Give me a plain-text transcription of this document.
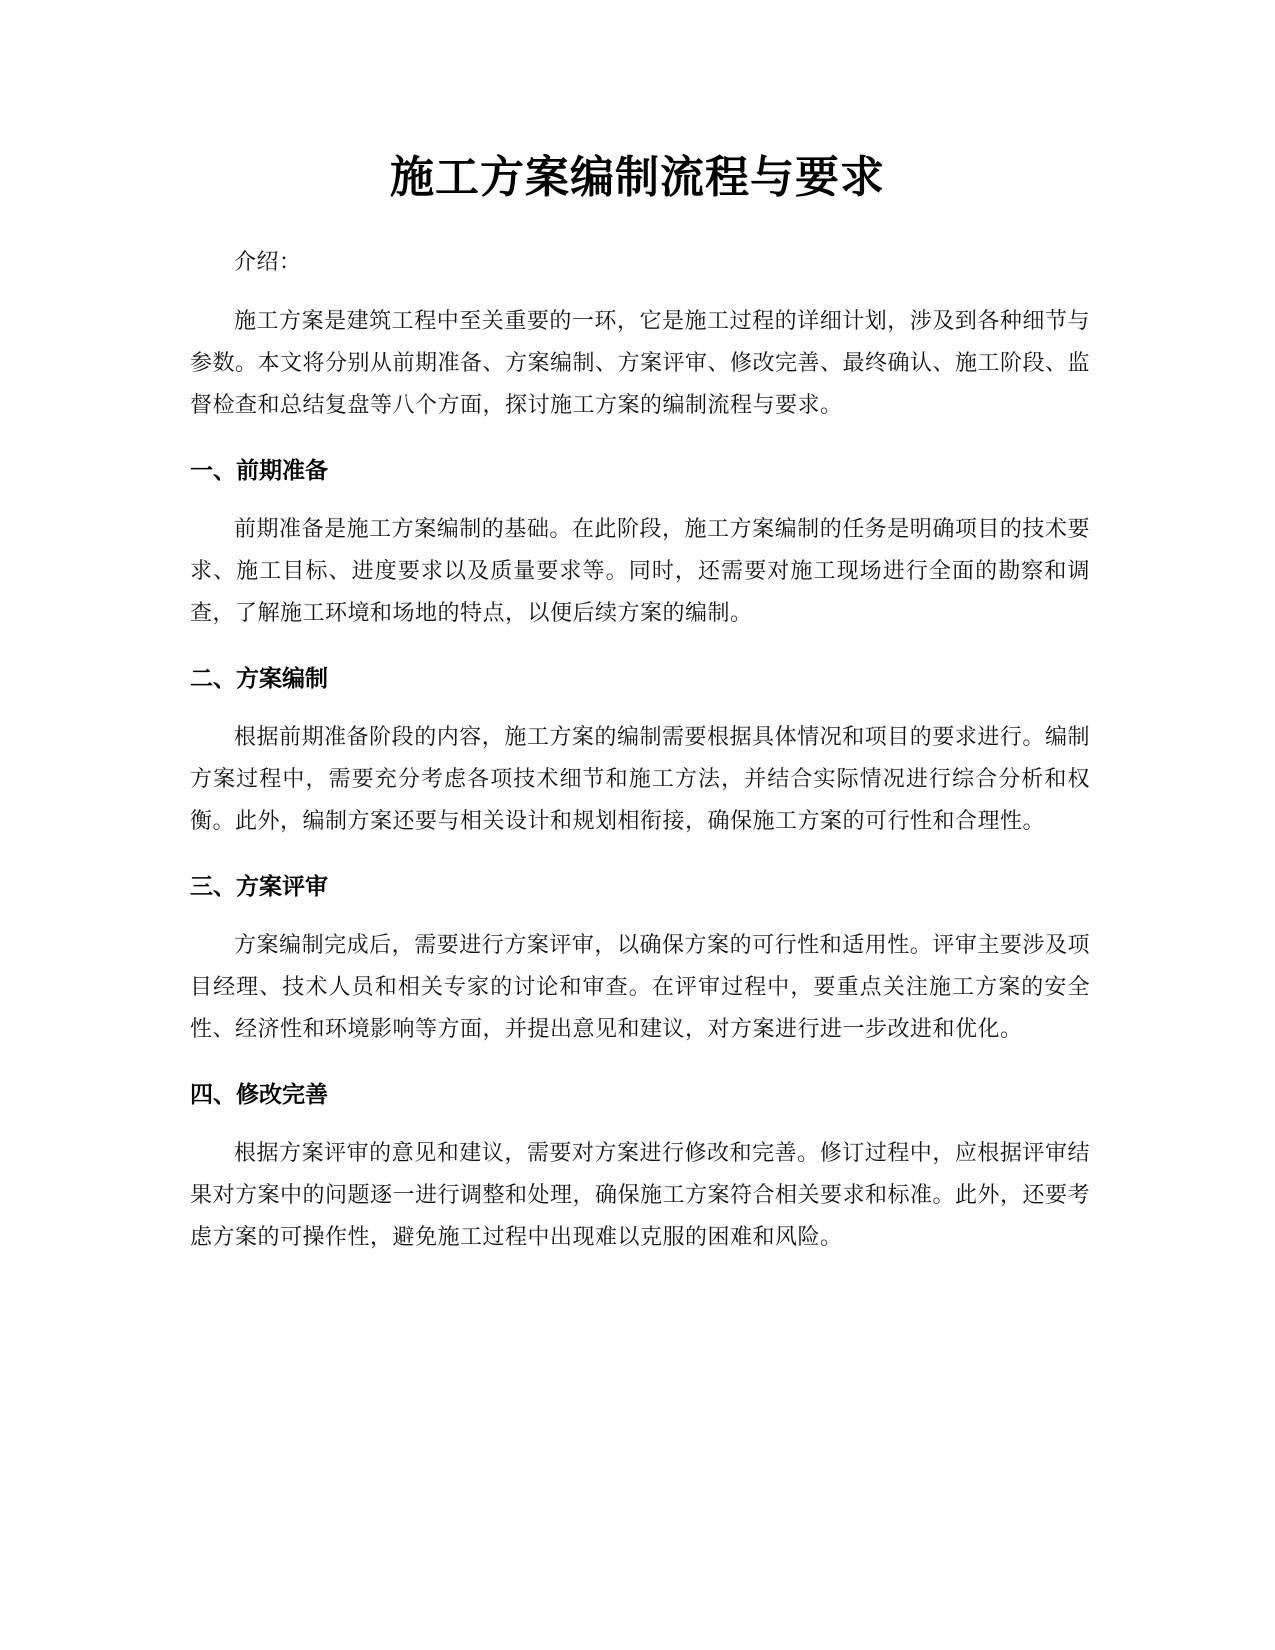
施工方案编制流程与要求

介绍：

施工方案是建筑工程中至关重要的一环，它是施工过程的详细计划，涉及到各种细节与参数。本文将分别从前期准备、方案编制、方案评审、修改完善、最终确认、施工阶段、监督检查和总结复盘等八个方面，探讨施工方案的编制流程与要求。

一、前期准备

前期准备是施工方案编制的基础。在此阶段，施工方案编制的任务是明确项目的技术要求、施工目标、进度要求以及质量要求等。同时，还需要对施工现场进行全面的勘察和调查，了解施工环境和场地的特点，以便后续方案的编制。

二、方案编制

根据前期准备阶段的内容，施工方案的编制需要根据具体情况和项目的要求进行。编制方案过程中，需要充分考虑各项技术细节和施工方法，并结合实际情况进行综合分析和权衡。此外，编制方案还要与相关设计和规划相衔接，确保施工方案的可行性和合理性。

三、方案评审

方案编制完成后，需要进行方案评审，以确保方案的可行性和适用性。评审主要涉及项目经理、技术人员和相关专家的讨论和审查。在评审过程中，要重点关注施工方案的安全性、经济性和环境影响等方面，并提出意见和建议，对方案进行进一步改进和优化。

四、修改完善

根据方案评审的意见和建议，需要对方案进行修改和完善。修订过程中，应根据评审结果对方案中的问题逐一进行调整和处理，确保施工方案符合相关要求和标准。此外，还要考虑方案的可操作性，避免施工过程中出现难以克服的困难和风险。
